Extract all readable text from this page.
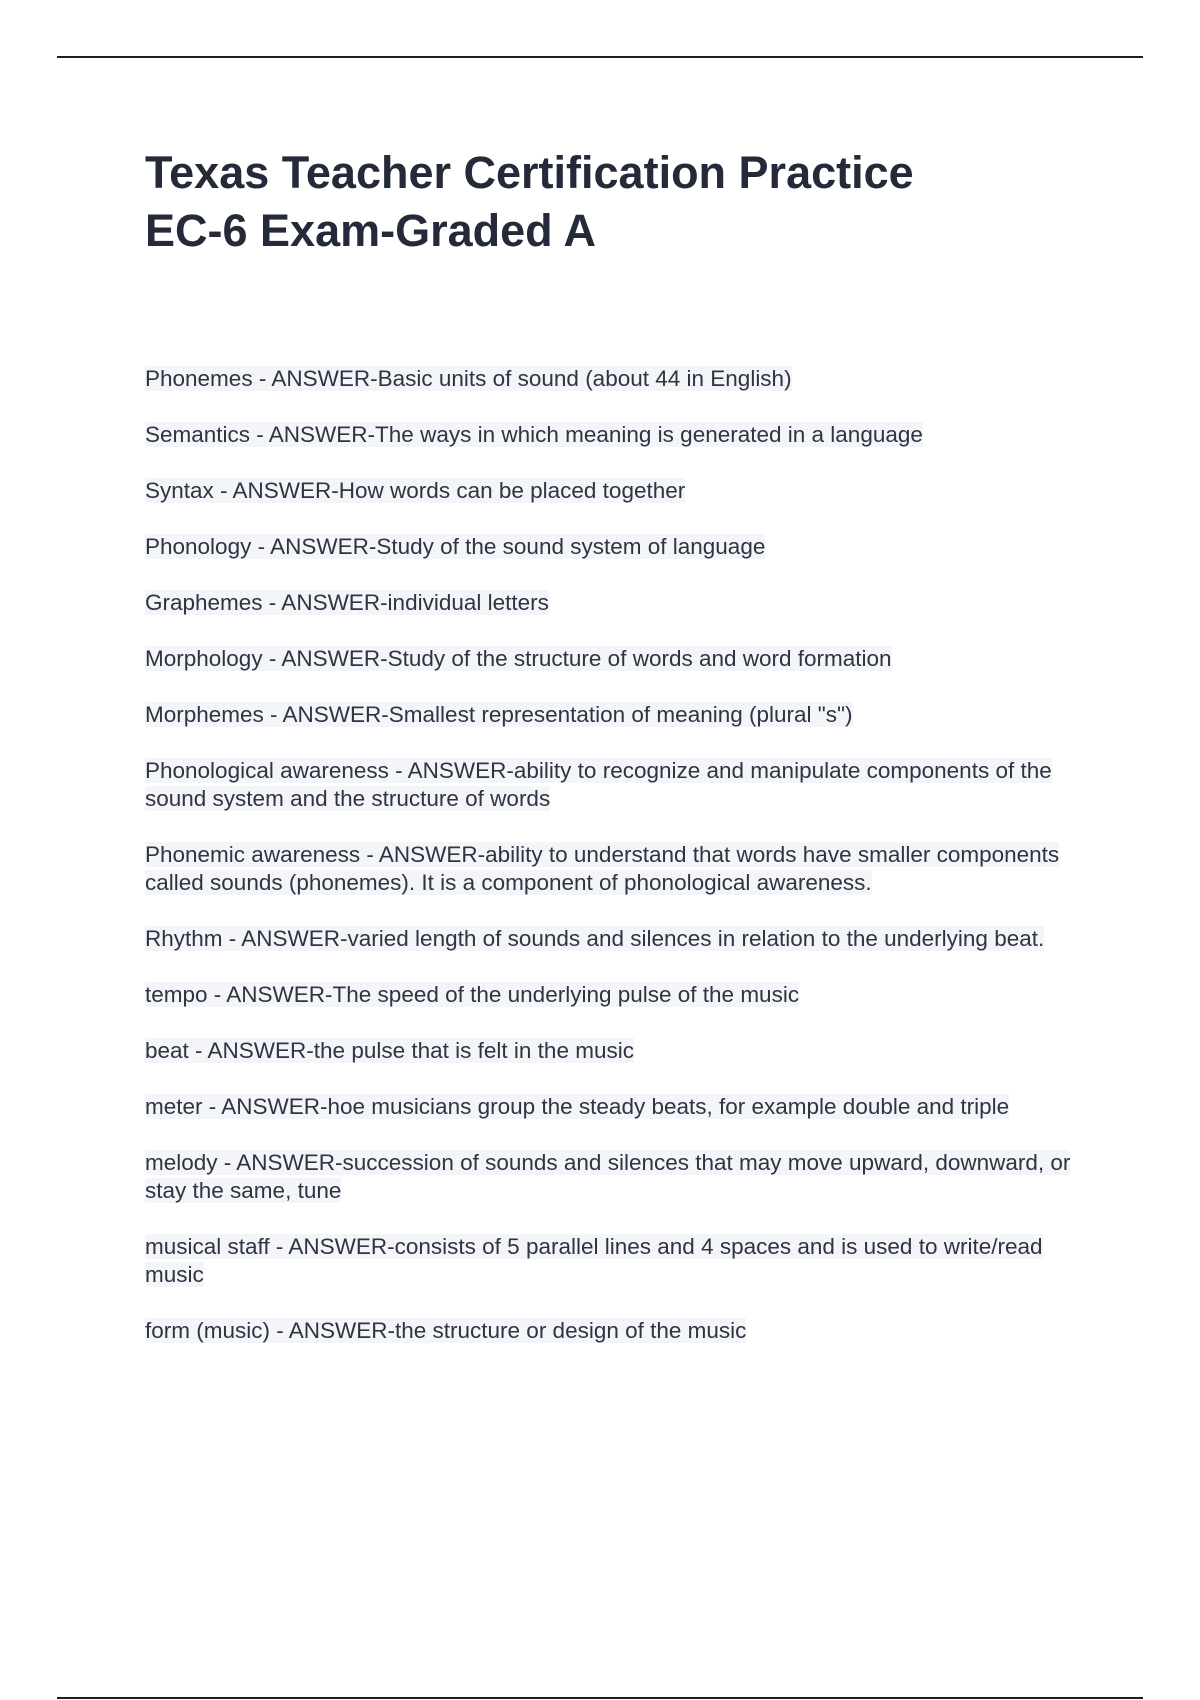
Texas Teacher Certification Practice
EC-6 Exam-Graded A
Phonemes - ANSWER-Basic units of sound (about 44 in English)
Semantics - ANSWER-The ways in which meaning is generated in a language
Syntax - ANSWER-How words can be placed together
Phonology - ANSWER-Study of the sound system of language
Graphemes - ANSWER-individual letters
Morphology - ANSWER-Study of the structure of words and word formation
Morphemes - ANSWER-Smallest representation of meaning (plural "s")
Phonological awareness - ANSWER-ability to recognize and manipulate components of the sound system and the structure of words
Phonemic awareness - ANSWER-ability to understand that words have smaller components called sounds (phonemes). It is a component of phonological awareness.
Rhythm - ANSWER-varied length of sounds and silences in relation to the underlying beat.
tempo - ANSWER-The speed of the underlying pulse of the music
beat - ANSWER-the pulse that is felt in the music
meter - ANSWER-hoe musicians group the steady beats, for example double and triple
melody - ANSWER-succession of sounds and silences that may move upward, downward, or stay the same, tune
musical staff - ANSWER-consists of 5 parallel lines and 4 spaces and is used to write/read music
form (music) - ANSWER-the structure or design of the music
